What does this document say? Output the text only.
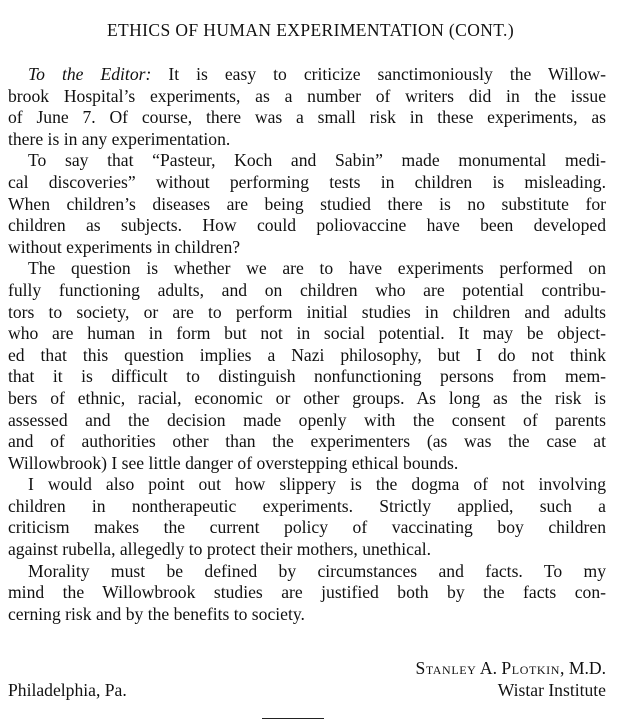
ETHICS OF HUMAN EXPERIMENTATION (CONT.)
To the Editor: It is easy to criticize sanctimoniously the Willow-
brook Hospital’s experiments, as a number of writers did in the issue
of June 7. Of course, there was a small risk in these experiments, as
there is in any experimentation.
To say that “Pasteur, Koch and Sabin” made monumental medi-
cal discoveries” without performing tests in children is misleading.
When children’s diseases are being studied there is no substitute for
children as subjects. How could poliovaccine have been developed
without experiments in children?
The question is whether we are to have experiments performed on
fully functioning adults, and on children who are potential contribu-
tors to society, or are to perform initial studies in children and adults
who are human in form but not in social potential. It may be object-
ed that this question implies a Nazi philosophy, but I do not think
that it is difficult to distinguish nonfunctioning persons from mem-
bers of ethnic, racial, economic or other groups. As long as the risk is
assessed and the decision made openly with the consent of parents
and of authorities other than the experimenters (as was the case at
Willowbrook) I see little danger of overstepping ethical bounds.
I would also point out how slippery is the dogma of not involving
children in nontherapeutic experiments. Strictly applied, such a
criticism makes the current policy of vaccinating boy children
against rubella, allegedly to protect their mothers, unethical.
Morality must be defined by circumstances and facts. To my
mind the Willowbrook studies are justified both by the facts con-
cerning risk and by the benefits to society.
Stanley A. Plotkin, M.D.
Philadelphia, Pa.	Wistar Institute
